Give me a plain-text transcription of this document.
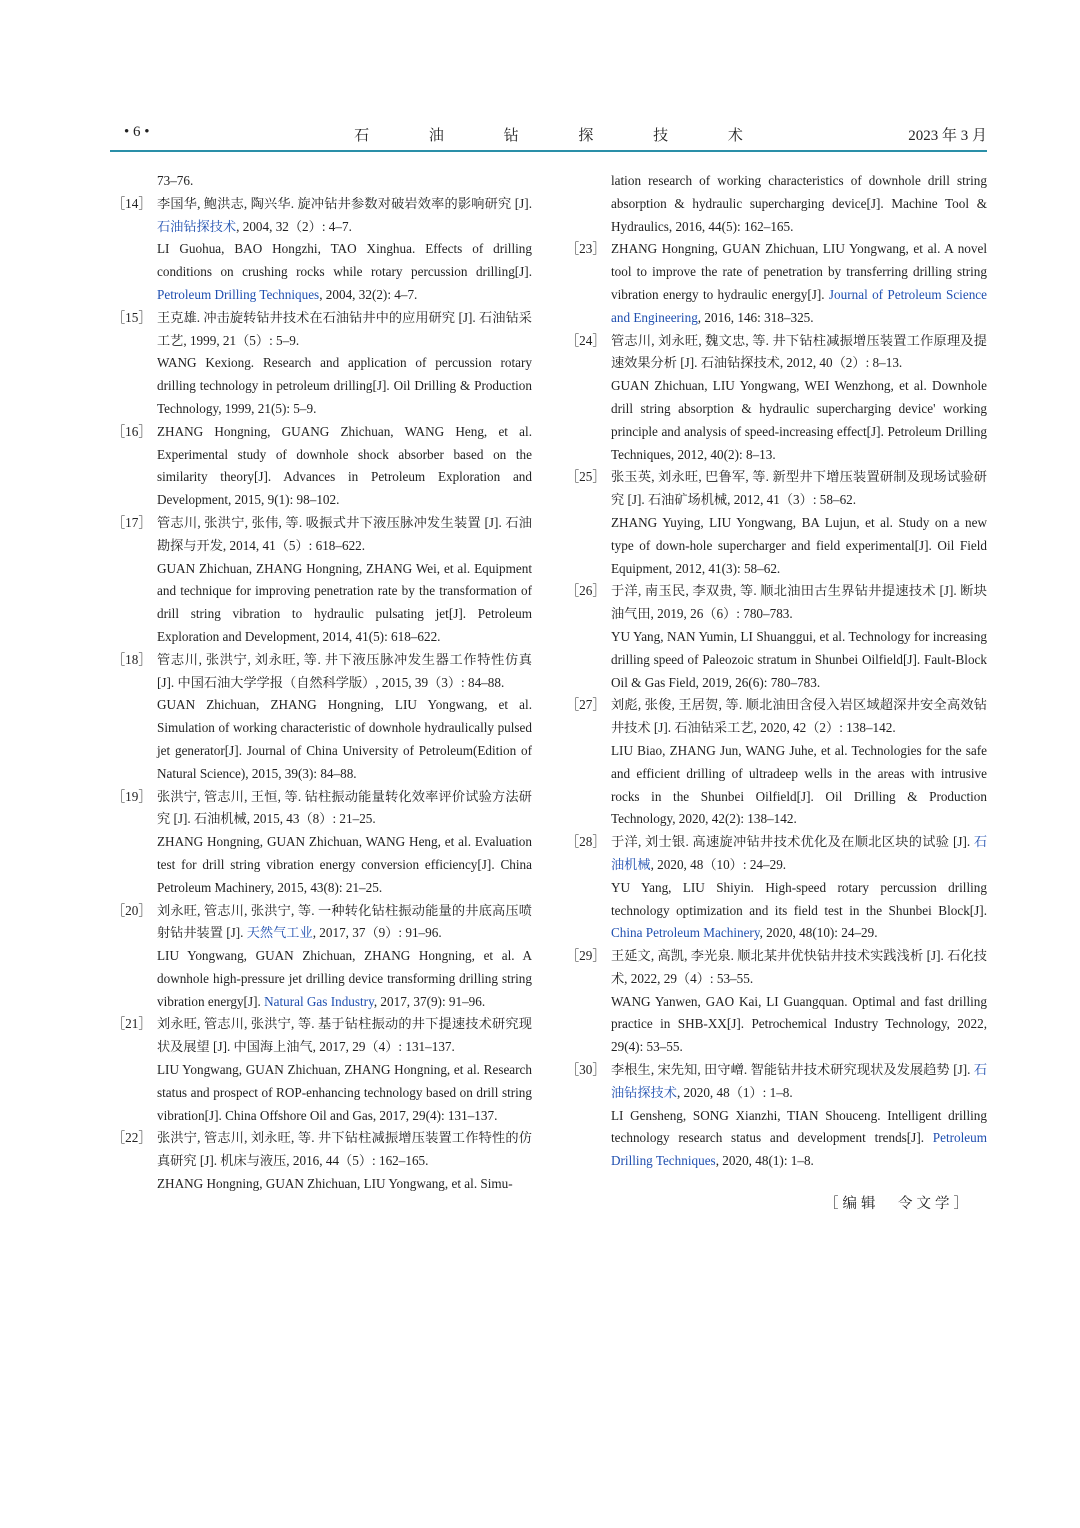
• 6 •	石 油 钻 探 技 术	2023 年 3 月
73–76.
［14］ 李国华, 鲍洪志, 陶兴华. 旋冲钻井参数对破岩效率的影响研究 [J]. 石油钻探技术, 2004, 32（2）: 4–7.

LI Guohua, BAO Hongzhi, TAO Xinghua. Effects of drilling conditions on crushing rocks while rotary percussion drilling[J]. Petroleum Drilling Techniques, 2004, 32(2): 4–7.

［15］ 王克雄. 冲击旋转钻井技术在石油钻井中的应用研究 [J]. 石油钻采工艺, 1999, 21（5）: 5–9.

WANG Kexiong. Research and application of percussion rotary drilling technology in petroleum drilling[J]. Oil Drilling & Production Technology, 1999, 21(5): 5–9.

［16］ ZHANG Hongning, GUANG Zhichuan, WANG Heng, et al. Experimental study of downhole shock absorber based on the similarity theory[J]. Advances in Petroleum Exploration and Development, 2015, 9(1): 98–102.

［17］ 管志川, 张洪宁, 张伟, 等. 吸振式井下液压脉冲发生装置 [J]. 石油勘探与开发, 2014, 41（5）: 618–622.

GUAN Zhichuan, ZHANG Hongning, ZHANG Wei, et al. Equipment and technique for improving penetration rate by the transformation of drill string vibration to hydraulic pulsating jet[J]. Petroleum Exploration and Development, 2014, 41(5): 618–622.

［18］ 管志川, 张洪宁, 刘永旺, 等. 井下液压脉冲发生器工作特性仿真 [J]. 中国石油大学学报（自然科学版）, 2015, 39（3）: 84–88.

GUAN Zhichuan, ZHANG Hongning, LIU Yongwang, et al. Simulation of working characteristic of downhole hydraulically pulsed jet generator[J]. Journal of China University of Petroleum(Edition of Natural Science), 2015, 39(3): 84–88.

［19］ 张洪宁, 管志川, 王恒, 等. 钻柱振动能量转化效率评价试验方法研究 [J]. 石油机械, 2015, 43（8）: 21–25.

ZHANG Hongning, GUAN Zhichuan, WANG Heng, et al. Evaluation test for drill string vibration energy conversion efficiency[J]. China Petroleum Machinery, 2015, 43(8): 21–25.

［20］ 刘永旺, 管志川, 张洪宁, 等. 一种转化钻柱振动能量的井底高压喷射钻井装置 [J]. 天然气工业, 2017, 37（9）: 91–96.

LIU Yongwang, GUAN Zhichuan, ZHANG Hongning, et al. A downhole high-pressure jet drilling device transforming drilling string vibration energy[J]. Natural Gas Industry, 2017, 37(9): 91–96.

［21］ 刘永旺, 管志川, 张洪宁, 等. 基于钻柱振动的井下提速技术研究现状及展望 [J]. 中国海上油气, 2017, 29（4）: 131–137.

LIU Yongwang, GUAN Zhichuan, ZHANG Hongning, et al. Research status and prospect of ROP-enhancing technology based on drill string vibration[J]. China Offshore Oil and Gas, 2017, 29(4): 131–137.

［22］ 张洪宁, 管志川, 刘永旺, 等. 井下钻柱减振增压装置工作特性的仿真研究 [J]. 机床与液压, 2016, 44（5）: 162–165.

ZHANG Hongning, GUAN Zhichuan, LIU Yongwang, et al. Simu-

lation research of working characteristics of downhole drill string absorption & hydraulic supercharging device[J]. Machine Tool & Hydraulics, 2016, 44(5): 162–165.
［23］ ZHANG Hongning, GUAN Zhichuan, LIU Yongwang, et al. A novel tool to improve the rate of penetration by transferring drilling string vibration energy to hydraulic energy[J]. Journal of Petroleum Science and Engineering, 2016, 146: 318–325.

［24］ 管志川, 刘永旺, 魏文忠, 等. 井下钻柱减振增压装置工作原理及提速效果分析 [J]. 石油钻探技术, 2012, 40（2）: 8–13.

GUAN Zhichuan, LIU Yongwang, WEI Wenzhong, et al. Downhole drill string absorption & hydraulic supercharging device' working principle and analysis of speed-increasing effect[J]. Petroleum Drilling Techniques, 2012, 40(2): 8–13.

［25］ 张玉英, 刘永旺, 巴鲁军, 等. 新型井下增压装置研制及现场试验研究 [J]. 石油矿场机械, 2012, 41（3）: 58–62.

ZHANG Yuying, LIU Yongwang, BA Lujun, et al. Study on a new type of down-hole supercharger and field experimental[J]. Oil Field Equipment, 2012, 41(3): 58–62.

［26］ 于洋, 南玉民, 李双贵, 等. 顺北油田古生界钻井提速技术 [J]. 断块油气田, 2019, 26（6）: 780–783.

YU Yang, NAN Yumin, LI Shuanggui, et al. Technology for increasing drilling speed of Paleozoic stratum in Shunbei Oilfield[J]. Fault-Block Oil & Gas Field, 2019, 26(6): 780–783.

［27］ 刘彪, 张俊, 王居贺, 等. 顺北油田含侵入岩区域超深井安全高效钻井技术 [J]. 石油钻采工艺, 2020, 42（2）: 138–142.

LIU Biao, ZHANG Jun, WANG Juhe, et al. Technologies for the safe and efficient drilling of ultradeep wells in the areas with intrusive rocks in the Shunbei Oilfield[J]. Oil Drilling & Production Technology, 2020, 42(2): 138–142.

［28］ 于洋, 刘士银. 高速旋冲钻井技术优化及在顺北区块的试验 [J]. 石油机械, 2020, 48（10）: 24–29.

YU Yang, LIU Shiyin. High-speed rotary percussion drilling technology optimization and its field test in the Shunbei Block[J]. China Petroleum Machinery, 2020, 48(10): 24–29.

［29］ 王延文, 高凯, 李光泉. 顺北某井优快钻井技术实践浅析 [J]. 石化技术, 2022, 29（4）: 53–55.

WANG Yanwen, GAO Kai, LI Guangquan. Optimal and fast drilling practice in SHB-XX[J]. Petrochemical Industry Technology, 2022, 29(4): 53–55.

［30］ 李根生, 宋先知, 田守嶒. 智能钻井技术研究现状及发展趋势 [J]. 石油钻探技术, 2020, 48（1）: 1–8.

LI Gensheng, SONG Xianzhi, TIAN Shouceng. Intelligent drilling technology research status and development trends[J]. Petroleum Drilling Techniques, 2020, 48(1): 1–8.

［编辑　令文学］
